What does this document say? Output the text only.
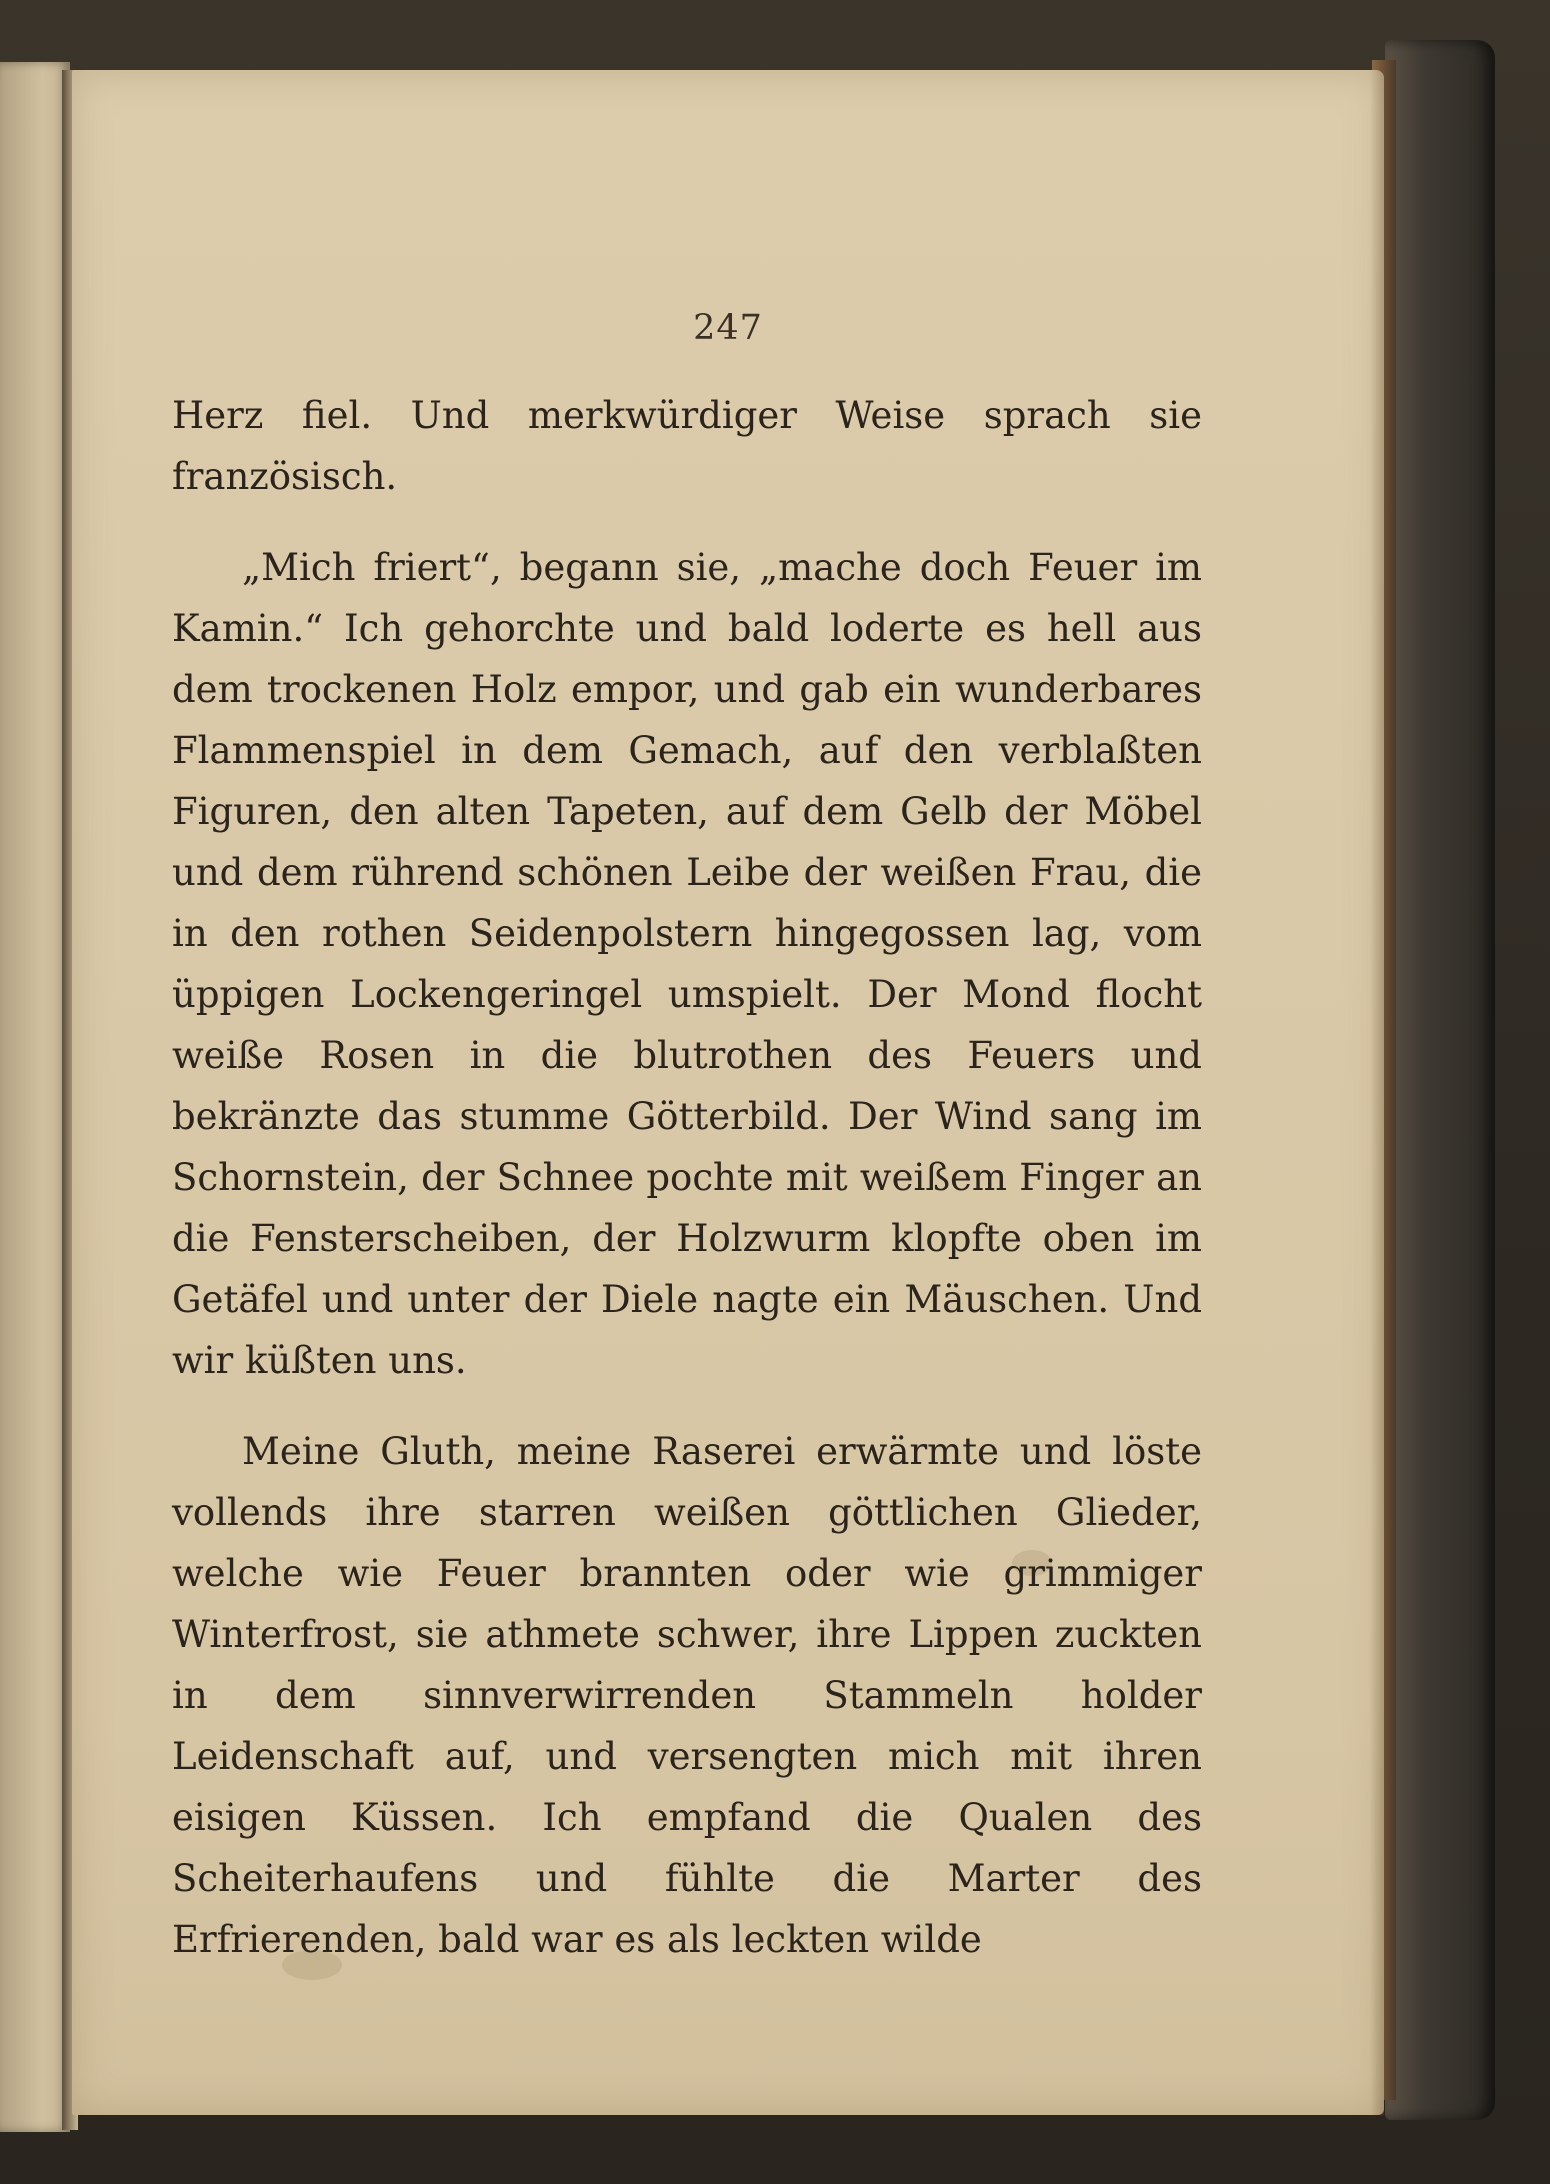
247

Herz fiel. Und merkwürdiger Weise sprach sie französisch.

„Mich friert“, begann sie, „mache doch Feuer im Kamin.“ Ich gehorchte und bald loderte es hell aus dem trockenen Holz empor, und gab ein wunderbares Flammenspiel in dem Gemach, auf den verblaßten Figuren, den alten Tapeten, auf dem Gelb der Möbel und dem rührend schönen Leibe der weißen Frau, die in den rothen Seidenpolstern hingegossen lag, vom üppigen Lockengeringel umspielt. Der Mond flocht weiße Rosen in die blutrothen des Feuers und bekränzte das stumme Götterbild. Der Wind sang im Schornstein, der Schnee pochte mit weißem Finger an die Fensterscheiben, der Holzwurm klopfte oben im Getäfel und unter der Diele nagte ein Mäuschen. Und wir küßten uns.

Meine Gluth, meine Raserei erwärmte und löste vollends ihre starren weißen göttlichen Glieder, welche wie Feuer brannten oder wie grimmiger Winterfrost, sie athmete schwer, ihre Lippen zuckten in dem sinnverwirrenden Stammeln holder Leidenschaft auf, und versengten mich mit ihren eisigen Küssen. Ich empfand die Qualen des Scheiterhaufens und fühlte die Marter des Erfrierenden, bald war es als leckten wilde
